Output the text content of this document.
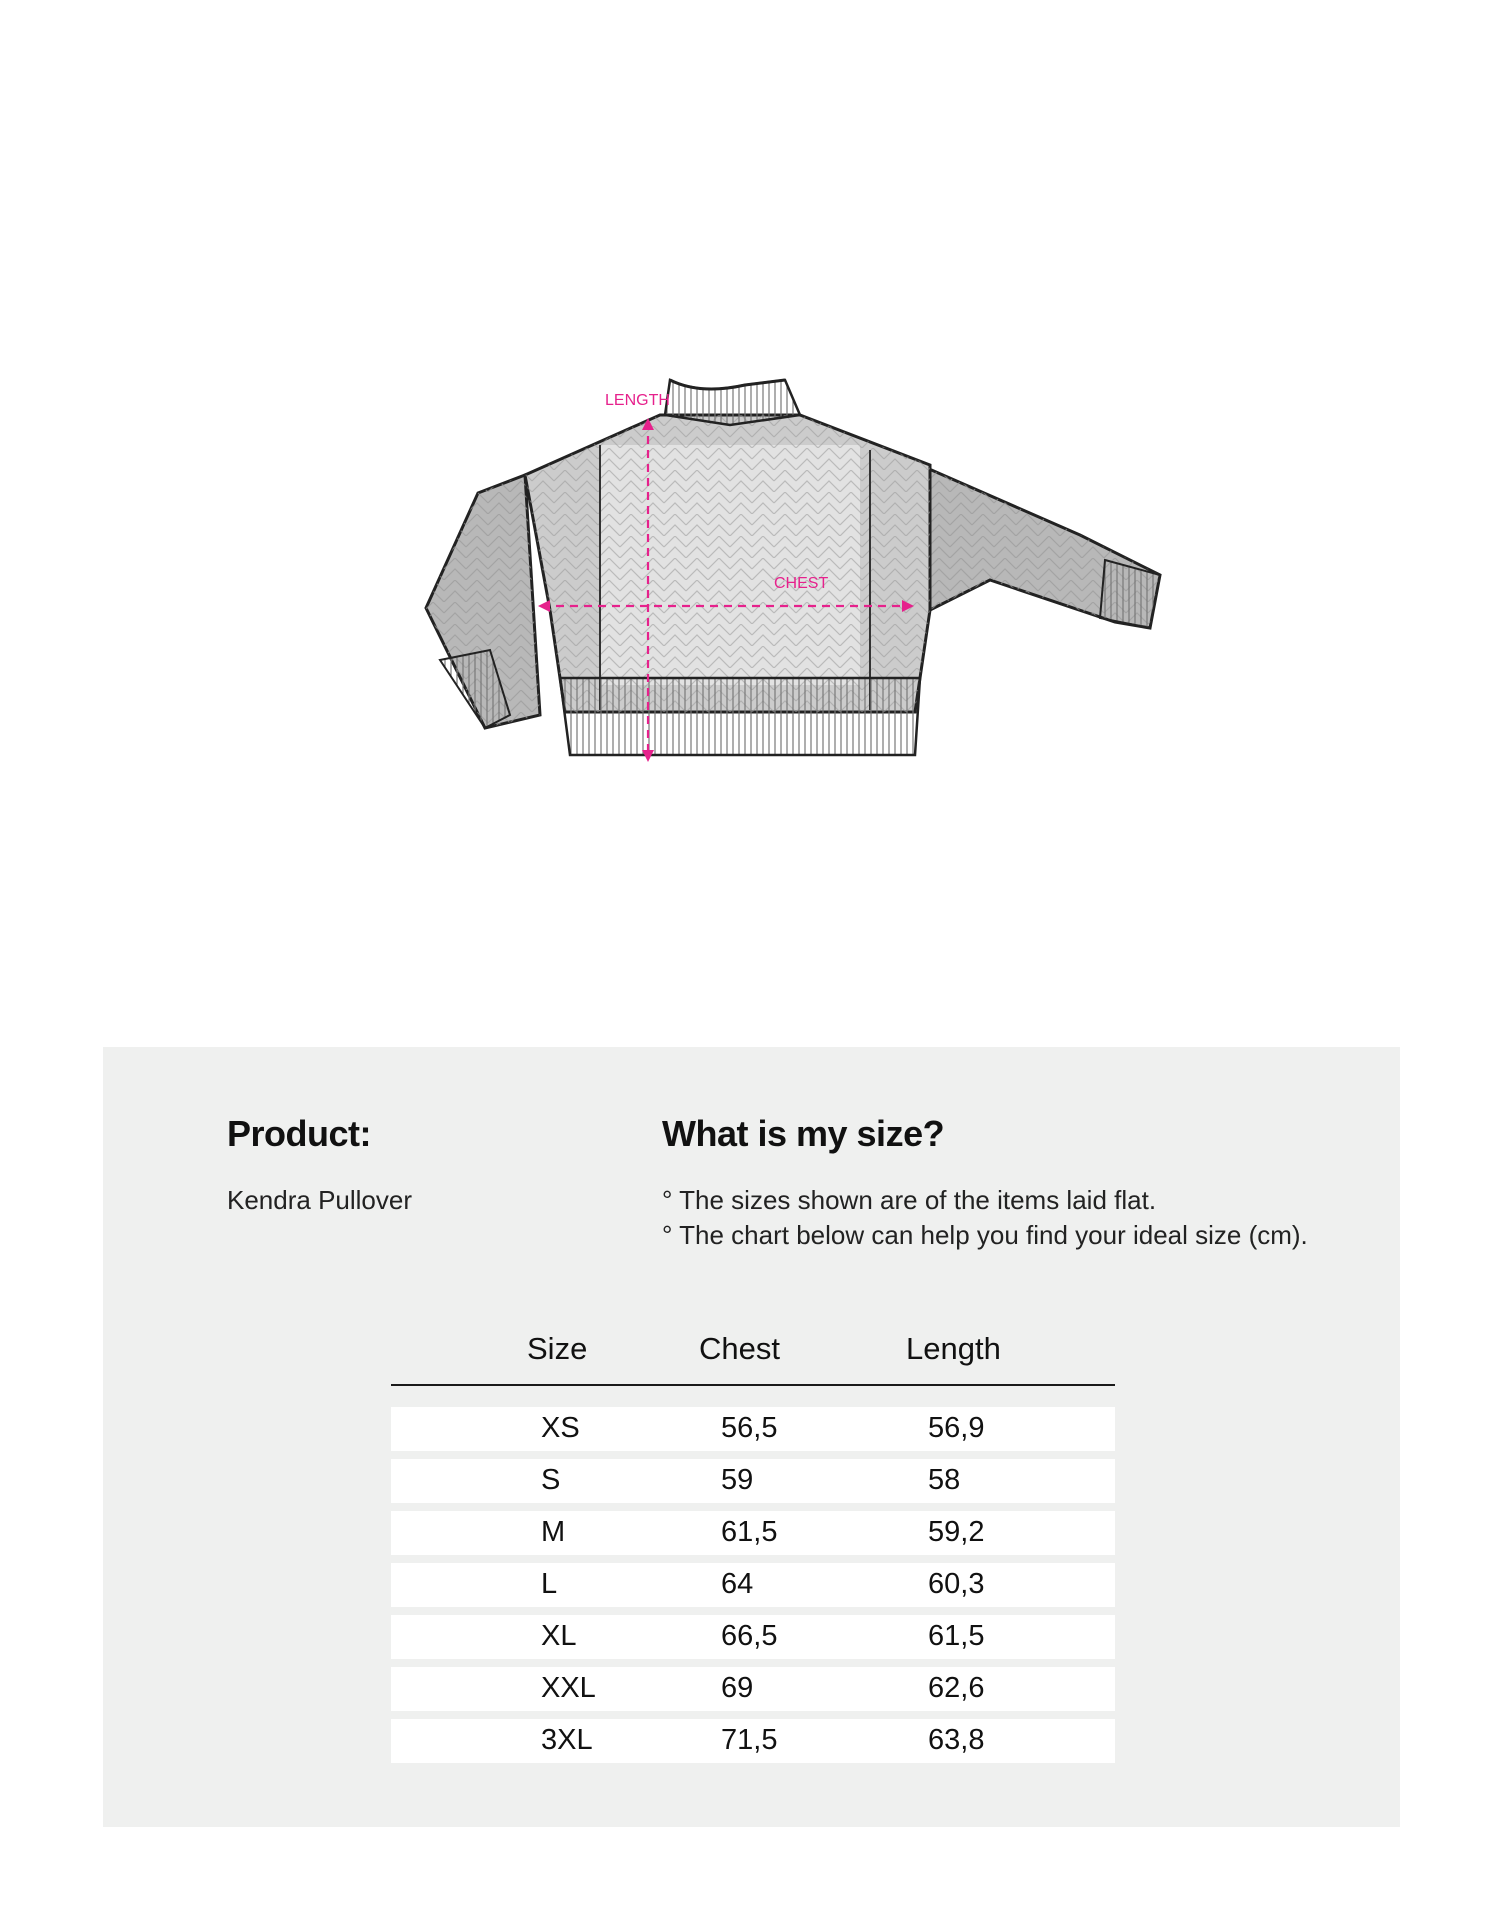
LENGTH
CHEST
Product:
Kendra Pullover
What is my size?
° The sizes shown are of the items laid flat.
° The chart below can help you find your ideal size (cm).
Size	Chest	Length
XS	56,5	56,9
S	59	58
M	61,5	59,2
L	64	60,3
XL	66,5	61,5
XXL	69	62,6
3XL	71,5	63,8
